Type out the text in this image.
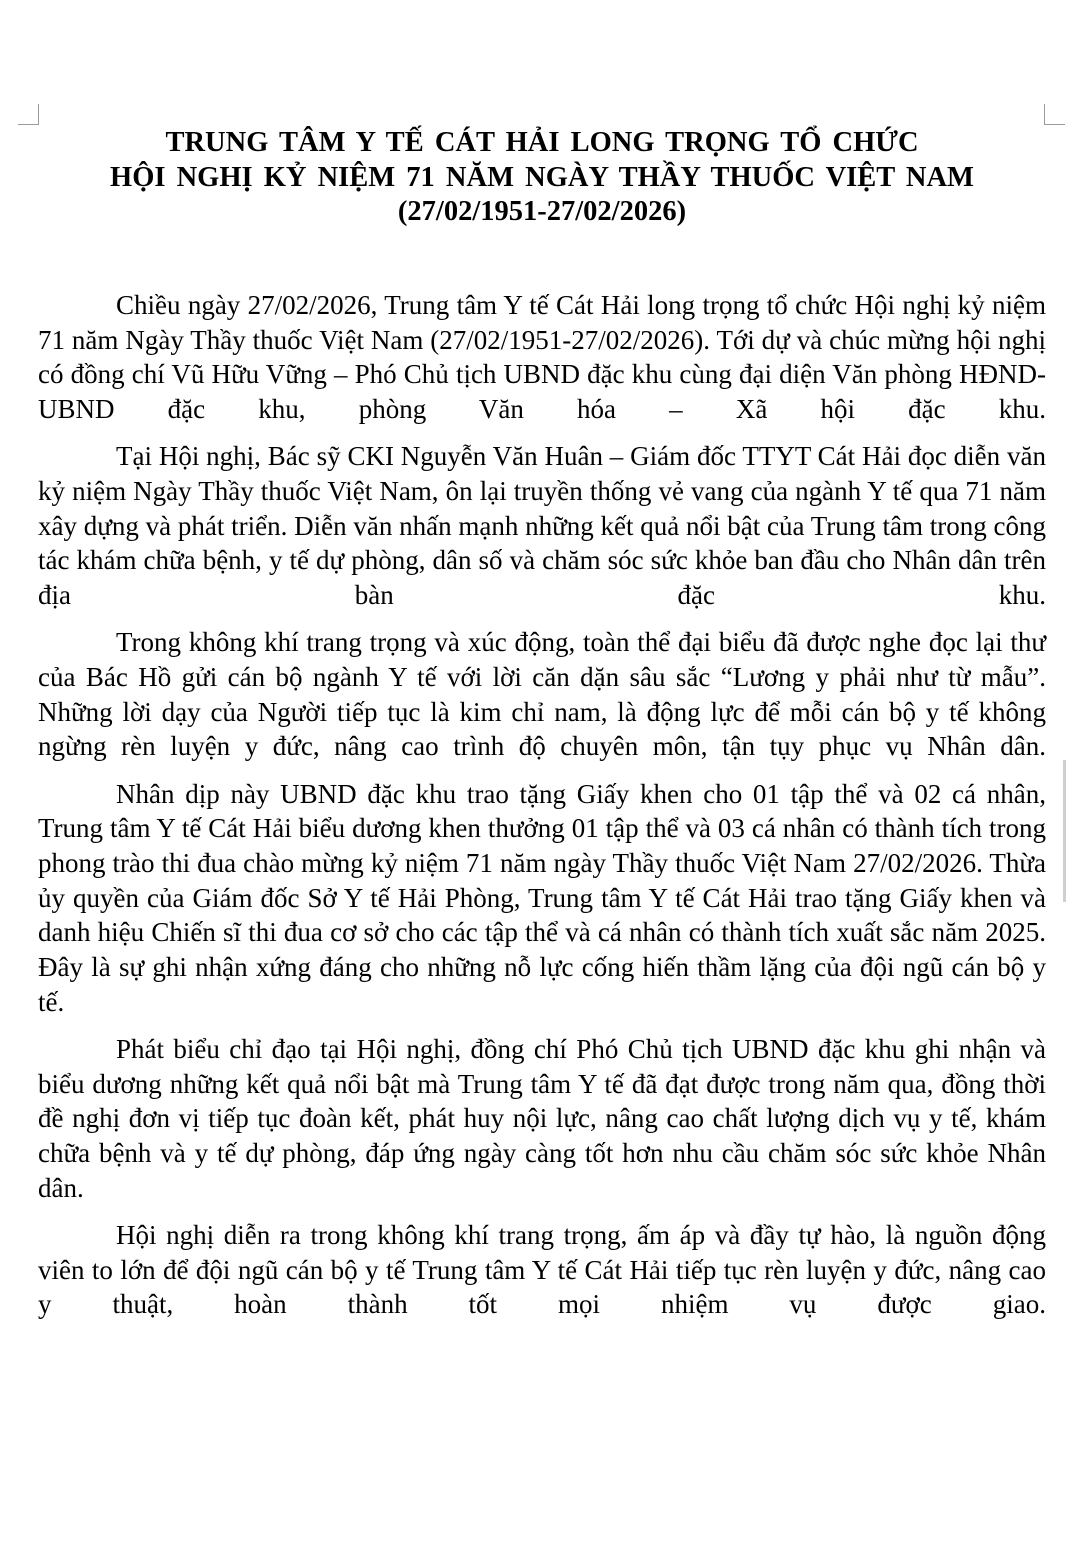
TRUNG TÂM Y TẾ CÁT HẢI LONG TRỌNG TỔ CHỨC
HỘI NGHỊ KỶ NIỆM 71 NĂM NGÀY THẦY THUỐC VIỆT NAM
(27/02/1951-27/02/2026)

Chiều ngày 27/02/2026, Trung tâm Y tế Cát Hải long trọng tổ chức Hội nghị kỷ niệm 71 năm Ngày Thầy thuốc Việt Nam (27/02/1951-27/02/2026). Tới dự và chúc mừng hội nghị có đồng chí Vũ Hữu Vững – Phó Chủ tịch UBND đặc khu cùng đại diện Văn phòng HĐND-UBND đặc khu, phòng Văn hóa – Xã hội đặc khu.

Tại Hội nghị, Bác sỹ CKI Nguyễn Văn Huân – Giám đốc TTYT Cát Hải đọc diễn văn kỷ niệm Ngày Thầy thuốc Việt Nam, ôn lại truyền thống vẻ vang của ngành Y tế qua 71 năm xây dựng và phát triển. Diễn văn nhấn mạnh những kết quả nổi bật của Trung tâm trong công tác khám chữa bệnh, y tế dự phòng, dân số và chăm sóc sức khỏe ban đầu cho Nhân dân trên địa bàn đặc khu.

Trong không khí trang trọng và xúc động, toàn thể đại biểu đã được nghe đọc lại thư của Bác Hồ gửi cán bộ ngành Y tế với lời căn dặn sâu sắc “Lương y phải như từ mẫu”. Những lời dạy của Người tiếp tục là kim chỉ nam, là động lực để mỗi cán bộ y tế không ngừng rèn luyện y đức, nâng cao trình độ chuyên môn, tận tụy phục vụ Nhân dân.

Nhân dịp này UBND đặc khu trao tặng Giấy khen cho 01 tập thể và 02 cá nhân, Trung tâm Y tế Cát Hải biểu dương khen thưởng 01 tập thể và 03 cá nhân có thành tích trong phong trào thi đua chào mừng kỷ niệm 71 năm ngày Thầy thuốc Việt Nam 27/02/2026. Thừa ủy quyền của Giám đốc Sở Y tế Hải Phòng, Trung tâm Y tế Cát Hải trao tặng Giấy khen và danh hiệu Chiến sĩ thi đua cơ sở cho các tập thể và cá nhân có thành tích xuất sắc năm 2025. Đây là sự ghi nhận xứng đáng cho những nỗ lực cống hiến thầm lặng của đội ngũ cán bộ y tế.

Phát biểu chỉ đạo tại Hội nghị, đồng chí Phó Chủ tịch UBND đặc khu ghi nhận và biểu dương những kết quả nổi bật mà Trung tâm Y tế đã đạt được trong năm qua, đồng thời đề nghị đơn vị tiếp tục đoàn kết, phát huy nội lực, nâng cao chất lượng dịch vụ y tế, khám chữa bệnh và y tế dự phòng, đáp ứng ngày càng tốt hơn nhu cầu chăm sóc sức khỏe Nhân dân.

Hội nghị diễn ra trong không khí trang trọng, ấm áp và đầy tự hào, là nguồn động viên to lớn để đội ngũ cán bộ y tế Trung tâm Y tế Cát Hải tiếp tục rèn luyện y đức, nâng cao y thuật, hoàn thành tốt mọi nhiệm vụ được giao.
